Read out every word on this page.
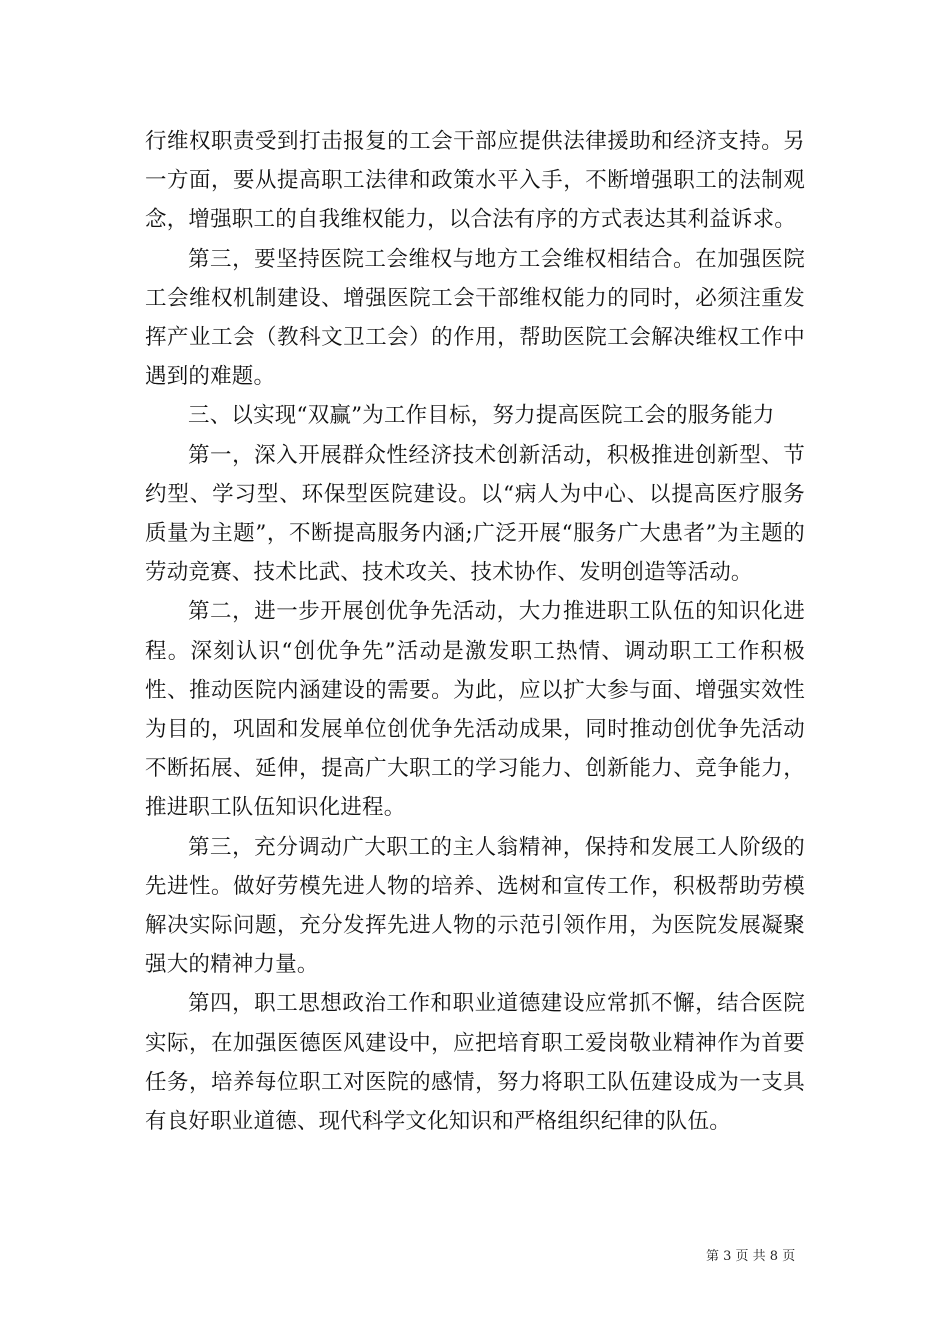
行维权职责受到打击报复的工会干部应提供法律援助和经济支持。另一方面，要从提高职工法律和政策水平入手，不断增强职工的法制观念，增强职工的自我维权能力，以合法有序的方式表达其利益诉求。

第三，要坚持医院工会维权与地方工会维权相结合。在加强医院工会维权机制建设、增强医院工会干部维权能力的同时，必须注重发挥产业工会（教科文卫工会）的作用，帮助医院工会解决维权工作中遇到的难题。

三、以实现“双赢”为工作目标，努力提高医院工会的服务能力

第一，深入开展群众性经济技术创新活动，积极推进创新型、节约型、学习型、环保型医院建设。以“病人为中心、以提高医疗服务质量为主题”，不断提高服务内涵;广泛开展“服务广大患者”为主题的劳动竞赛、技术比武、技术攻关、技术协作、发明创造等活动。

第二，进一步开展创优争先活动，大力推进职工队伍的知识化进程。深刻认识“创优争先”活动是激发职工热情、调动职工工作积极性、推动医院内涵建设的需要。为此，应以扩大参与面、增强实效性为目的，巩固和发展单位创优争先活动成果，同时推动创优争先活动不断拓展、延伸，提高广大职工的学习能力、创新能力、竞争能力，推进职工队伍知识化进程。

第三，充分调动广大职工的主人翁精神，保持和发展工人阶级的先进性。做好劳模先进人物的培养、选树和宣传工作，积极帮助劳模解决实际问题，充分发挥先进人物的示范引领作用，为医院发展凝聚强大的精神力量。

第四，职工思想政治工作和职业道德建设应常抓不懈，结合医院实际，在加强医德医风建设中，应把培育职工爱岗敬业精神作为首要任务，培养每位职工对医院的感情，努力将职工队伍建设成为一支具有良好职业道德、现代科学文化知识和严格组织纪律的队伍。

第 3 页 共 8 页
